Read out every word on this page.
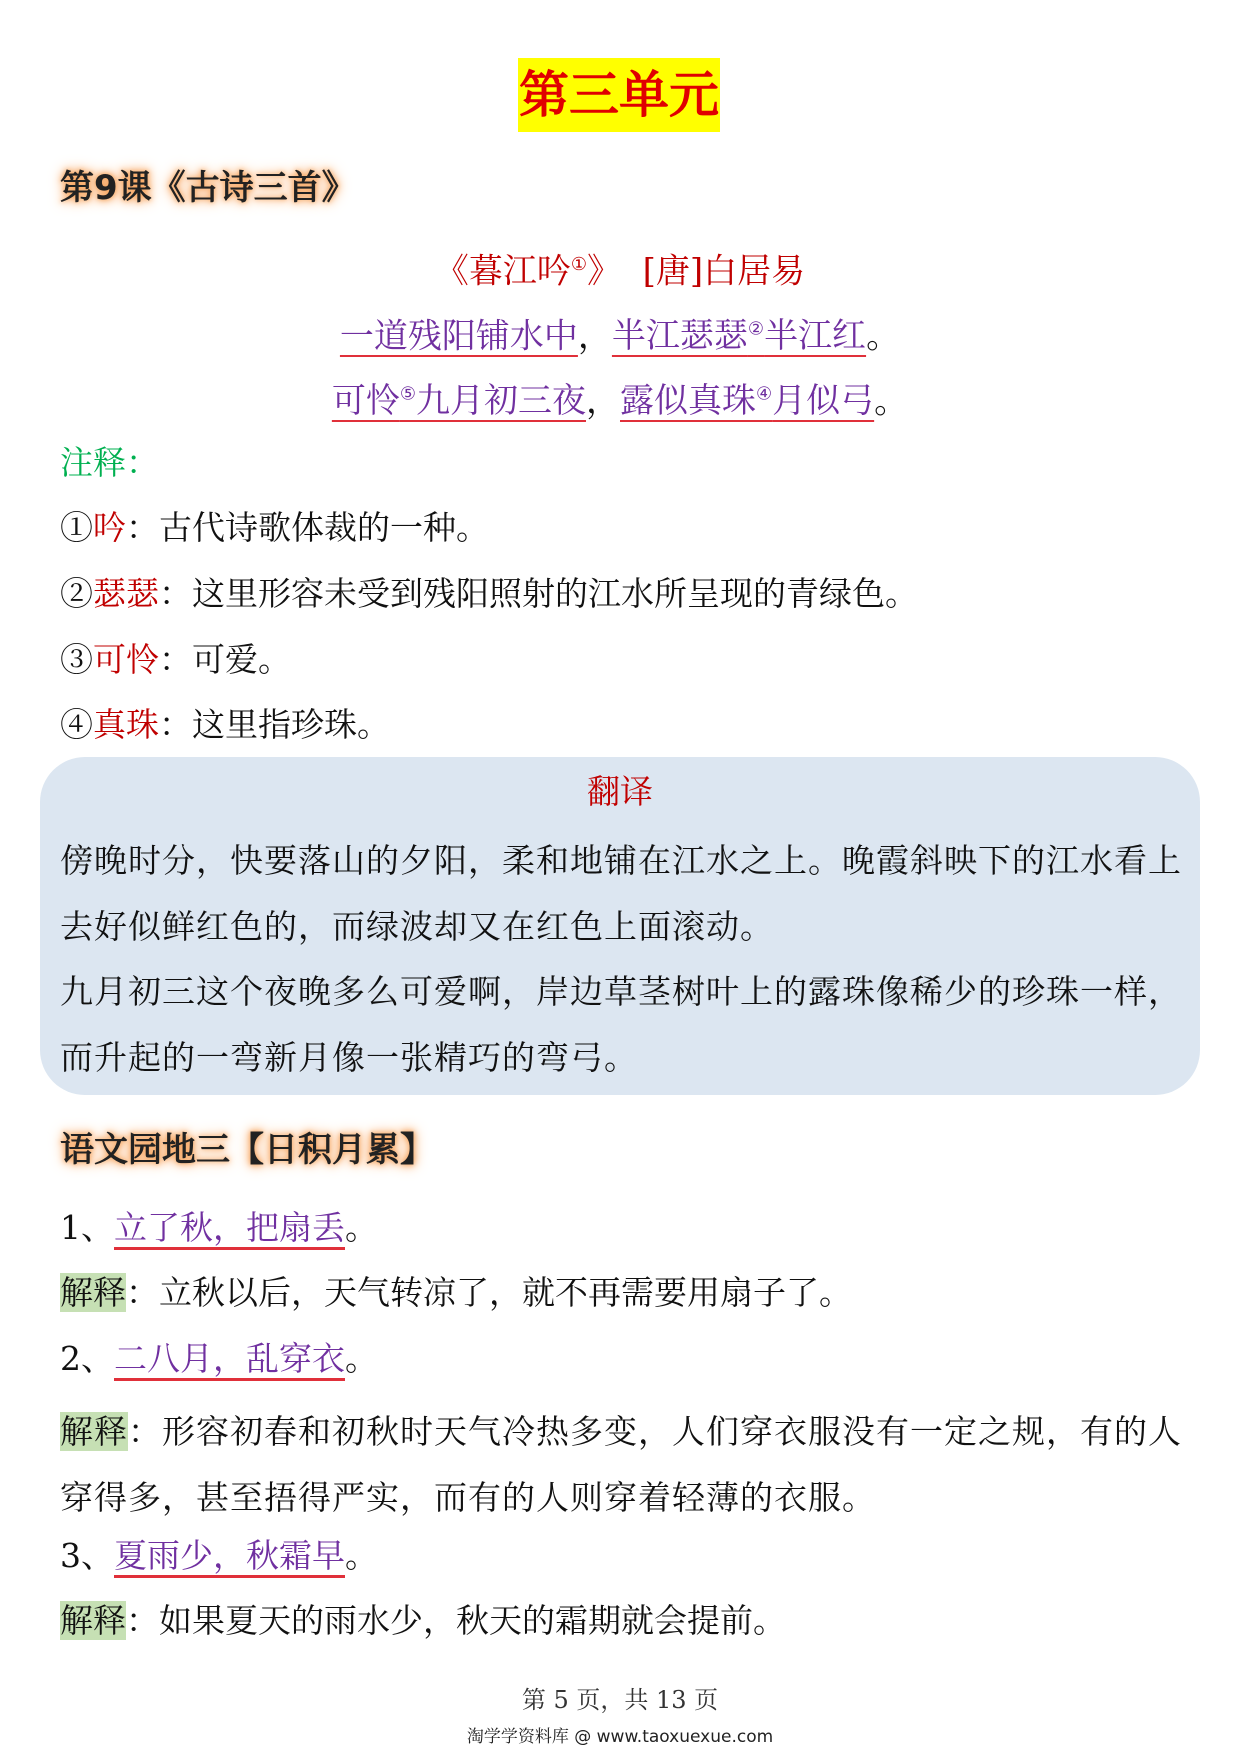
第三单元
第9课《古诗三首》
《暮江吟①》 [唐]白居易
一道残阳铺水中，半江瑟瑟②半江红。
可怜⑤九月初三夜，露似真珠④月似弓。
注释：
①吟：古代诗歌体裁的一种。
②瑟瑟：这里形容未受到残阳照射的江水所呈现的青绿色。
③可怜：可爱。
④真珠：这里指珍珠。
翻译
傍晚时分，快要落山的夕阳，柔和地铺在江水之上。晚霞斜映下的江水看上去好似鲜红色的，而绿波却又在红色上面滚动。
九月初三这个夜晚多么可爱啊，岸边草茎树叶上的露珠像稀少的珍珠一样，而升起的一弯新月像一张精巧的弯弓。
语文园地三【日积月累】
1、立了秋，把扇丢。
解释：立秋以后，天气转凉了，就不再需要用扇子了。
2、二八月，乱穿衣。
解释：形容初春和初秋时天气冷热多变，人们穿衣服没有一定之规，有的人穿得多，甚至捂得严实，而有的人则穿着轻薄的衣服。
3、夏雨少，秋霜早。
解释：如果夏天的雨水少，秋天的霜期就会提前。
第 5 页，共 13 页
淘学学资料库 @ www.taoxuexue.com
